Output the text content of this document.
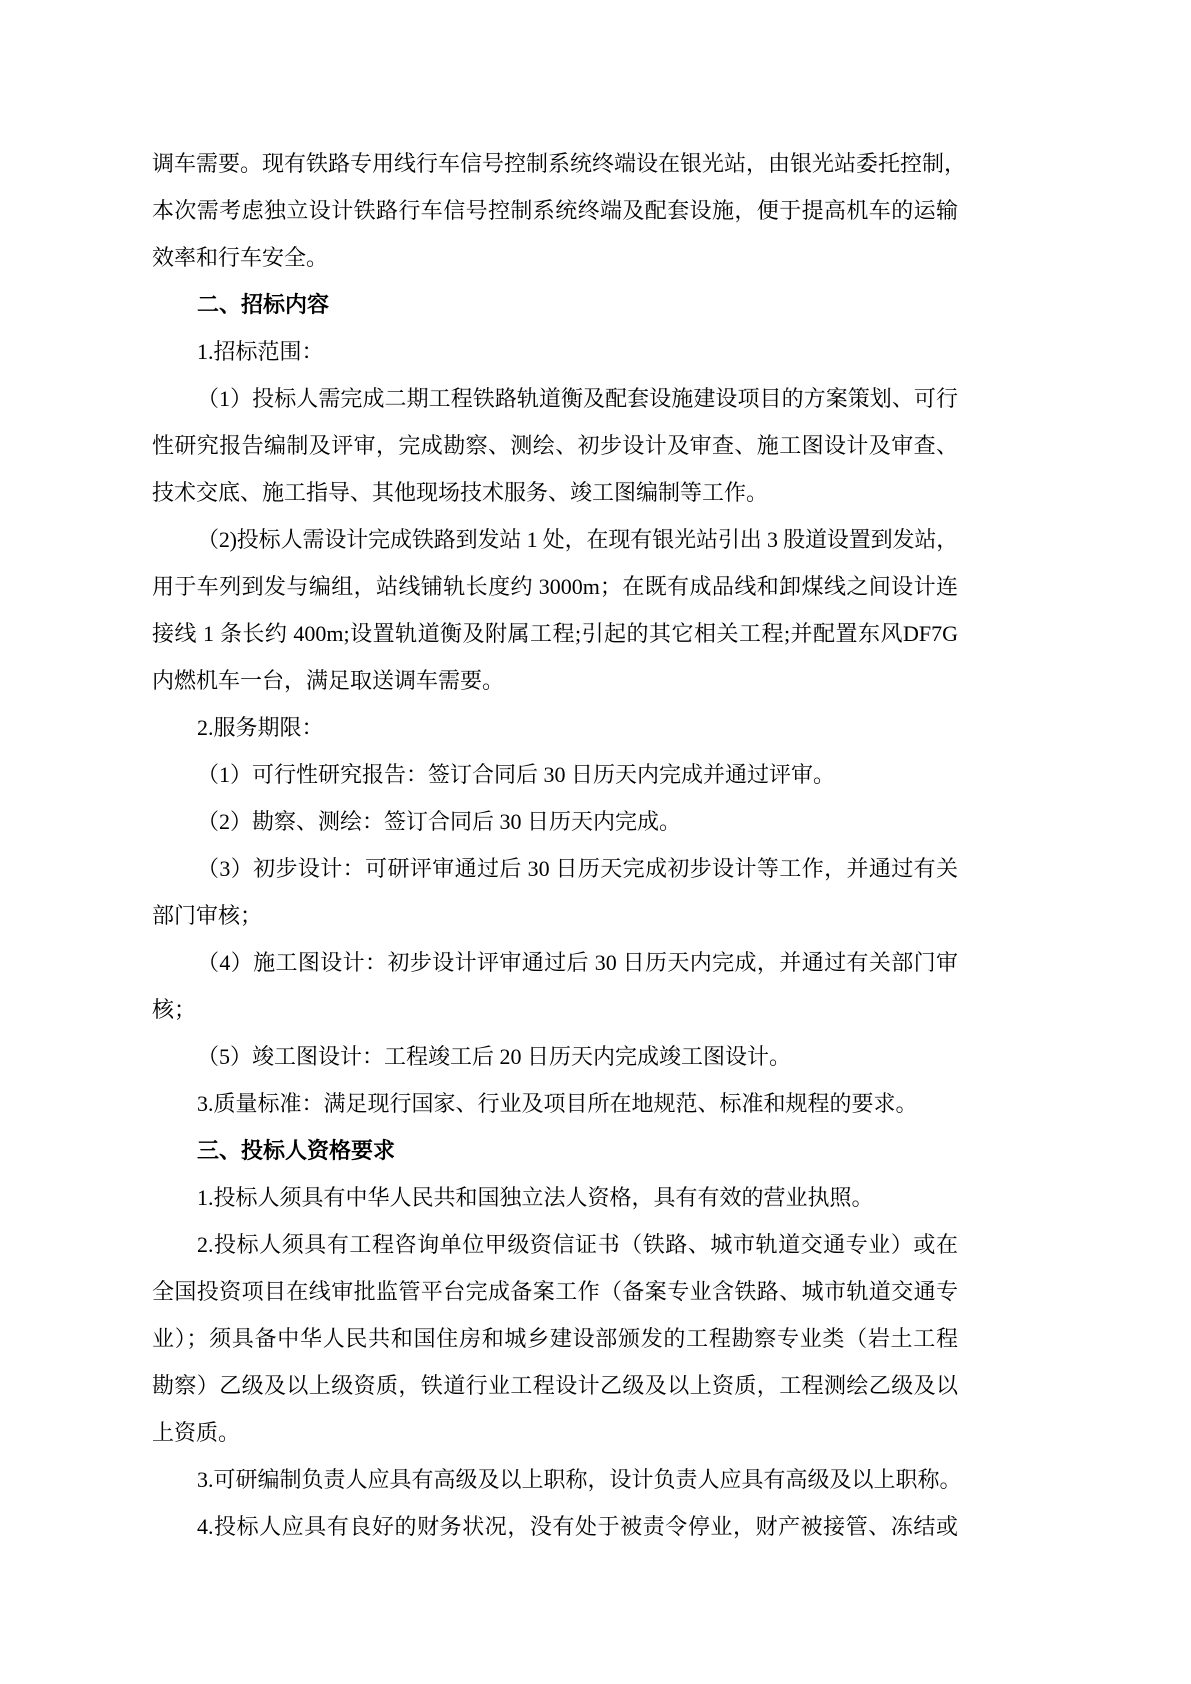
调车需要。现有铁路专用线行车信号控制系统终端设在银光站，由银光站委托控制，
本次需考虑独立设计铁路行车信号控制系统终端及配套设施，便于提高机车的运输
效率和行车安全。
二、招标内容
1.招标范围：
（1）投标人需完成二期工程铁路轨道衡及配套设施建设项目的方案策划、可行
性研究报告编制及评审，完成勘察、测绘、初步设计及审查、施工图设计及审查、
技术交底、施工指导、其他现场技术服务、竣工图编制等工作。
（2)投标人需设计完成铁路到发站 1 处，在现有银光站引出 3 股道设置到发站，
用于车列到发与编组，站线铺轨长度约 3000m；在既有成品线和卸煤线之间设计连
接线 1 条长约 400m;设置轨道衡及附属工程;引起的其它相关工程;并配置东风DF7G
内燃机车一台，满足取送调车需要。
2.服务期限：
（1）可行性研究报告：签订合同后 30 日历天内完成并通过评审。
（2）勘察、测绘：签订合同后 30 日历天内完成。
（3）初步设计：可研评审通过后 30 日历天完成初步设计等工作，并通过有关
部门审核；
（4）施工图设计：初步设计评审通过后 30 日历天内完成，并通过有关部门审
核；
（5）竣工图设计：工程竣工后 20 日历天内完成竣工图设计。
3.质量标准：满足现行国家、行业及项目所在地规范、标准和规程的要求。
三、投标人资格要求
1.投标人须具有中华人民共和国独立法人资格，具有有效的营业执照。
2.投标人须具有工程咨询单位甲级资信证书（铁路、城市轨道交通专业）或在
全国投资项目在线审批监管平台完成备案工作（备案专业含铁路、城市轨道交通专
业）；须具备中华人民共和国住房和城乡建设部颁发的工程勘察专业类（岩土工程
勘察）乙级及以上级资质，铁道行业工程设计乙级及以上资质，工程测绘乙级及以
上资质。
3.可研编制负责人应具有高级及以上职称，设计负责人应具有高级及以上职称。
4.投标人应具有良好的财务状况，没有处于被责令停业，财产被接管、冻结或
